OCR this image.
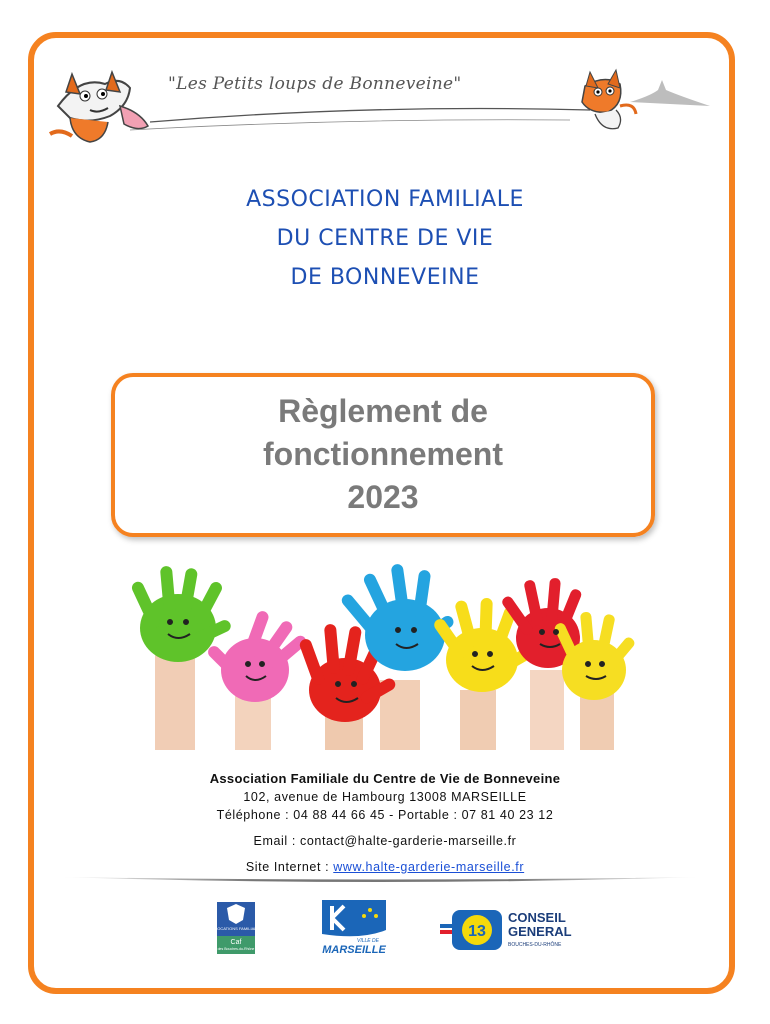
"Les Petits loups de Bonneveine"
ASSOCIATION FAMILIALE
DU CENTRE DE VIE
DE BONNEVEINE
Règlement de
fonctionnement
2023
Association Familiale du Centre de Vie de Bonneveine
102, avenue de Hambourg 13008 MARSEILLE
Téléphone : 04 88 44 66 45 - Portable : 07 81 40 23 12
Email : contact@halte-garderie-marseille.fr
Site Internet : www.halte-garderie-marseille.fr
ALLOCATIONS FAMILIALES
Caf
des Bouches-du-Rhône
VILLE DE
MARSEILLE
13
CONSEIL
GENERAL
BOUCHES-DU-RHÔNE
